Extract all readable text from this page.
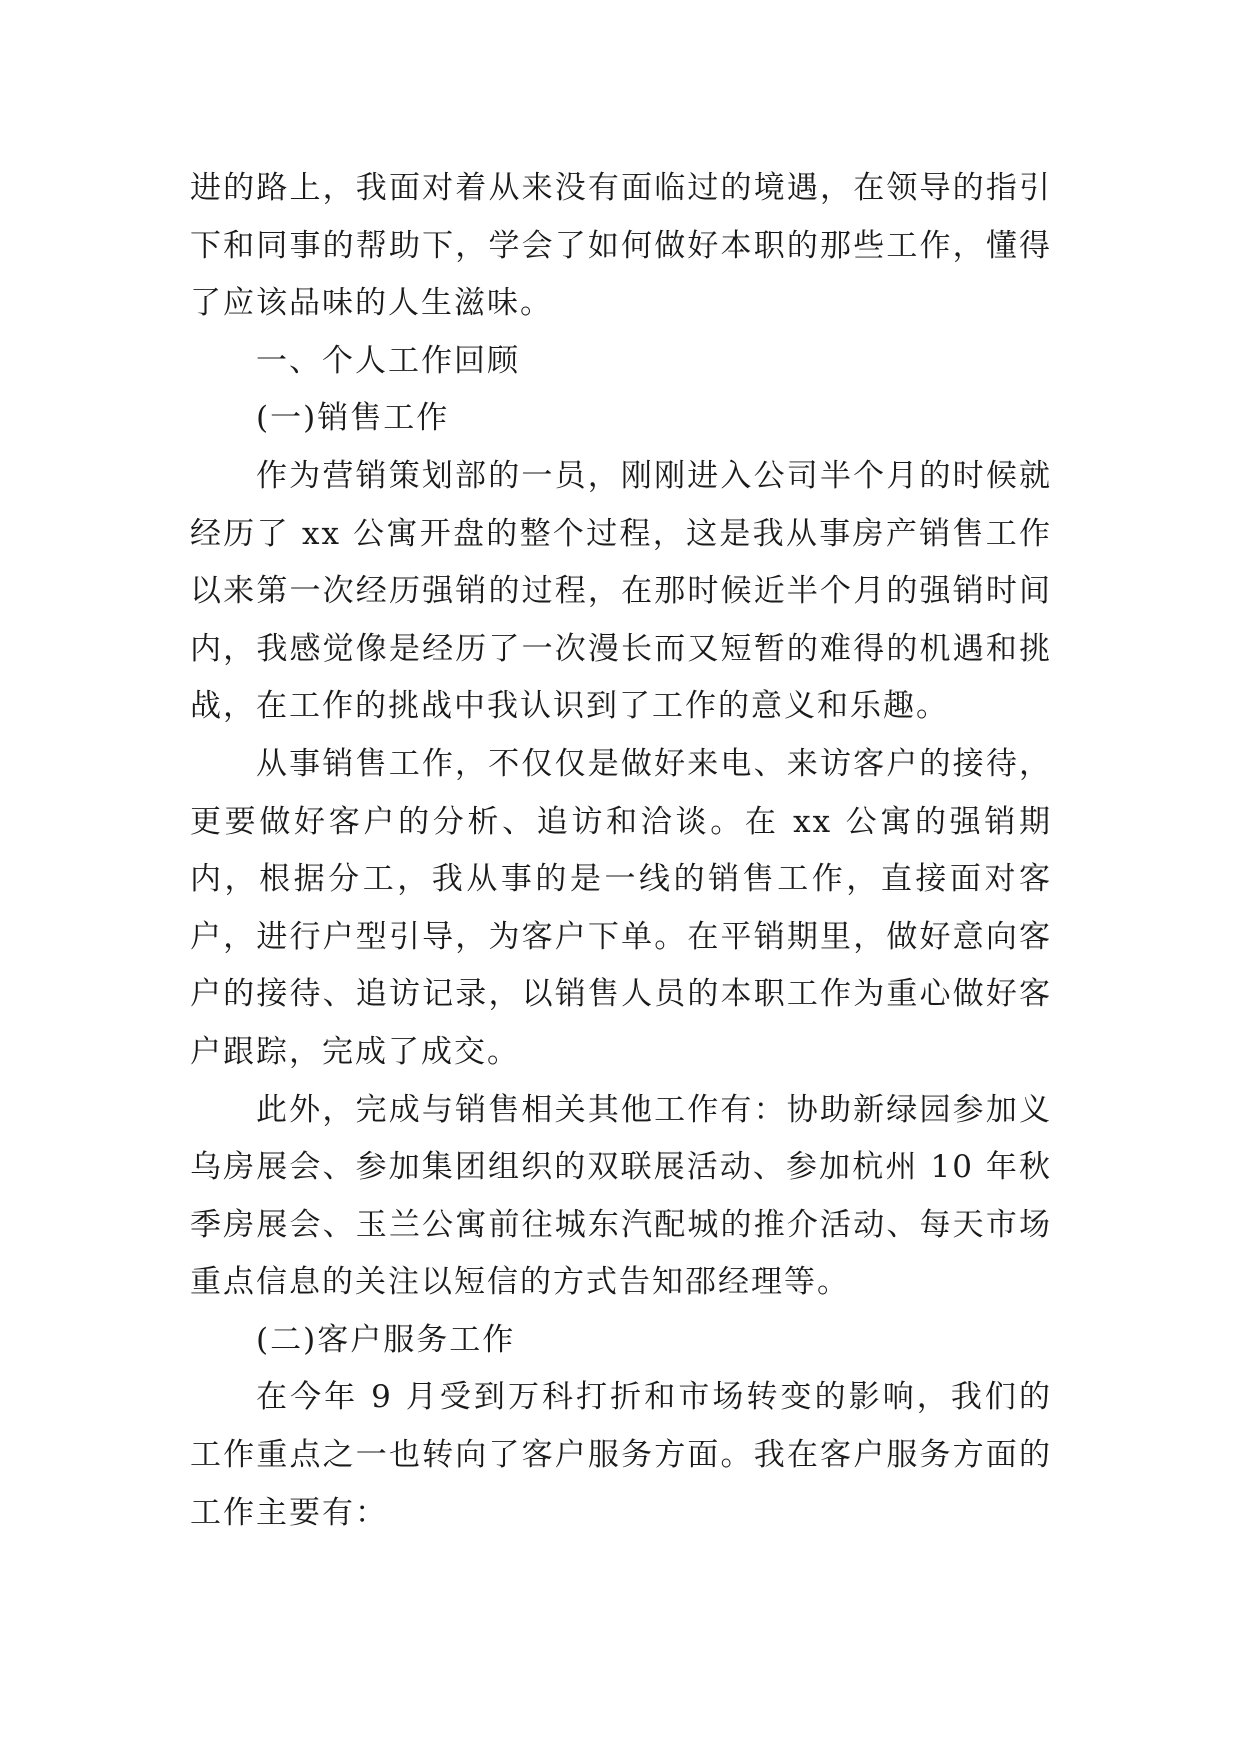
进的路上，我面对着从来没有面临过的境遇，在领导的指引下和同事的帮助下，学会了如何做好本职的那些工作，懂得了应该品味的人生滋味。

一、个人工作回顾

(一)销售工作

作为营销策划部的一员，刚刚进入公司半个月的时候就经历了 xx 公寓开盘的整个过程，这是我从事房产销售工作以来第一次经历强销的过程，在那时候近半个月的强销时间内，我感觉像是经历了一次漫长而又短暂的难得的机遇和挑战，在工作的挑战中我认识到了工作的意义和乐趣。

从事销售工作，不仅仅是做好来电、来访客户的接待，更要做好客户的分析、追访和洽谈。在 xx 公寓的强销期内，根据分工，我从事的是一线的销售工作，直接面对客户，进行户型引导，为客户下单。在平销期里，做好意向客户的接待、追访记录，以销售人员的本职工作为重心做好客户跟踪，完成了成交。

此外，完成与销售相关其他工作有：协助新绿园参加义乌房展会、参加集团组织的双联展活动、参加杭州 10 年秋季房展会、玉兰公寓前往城东汽配城的推介活动、每天市场重点信息的关注以短信的方式告知邵经理等。

(二)客户服务工作

在今年 9 月受到万科打折和市场转变的影响，我们的工作重点之一也转向了客户服务方面。我在客户服务方面的工作主要有：
